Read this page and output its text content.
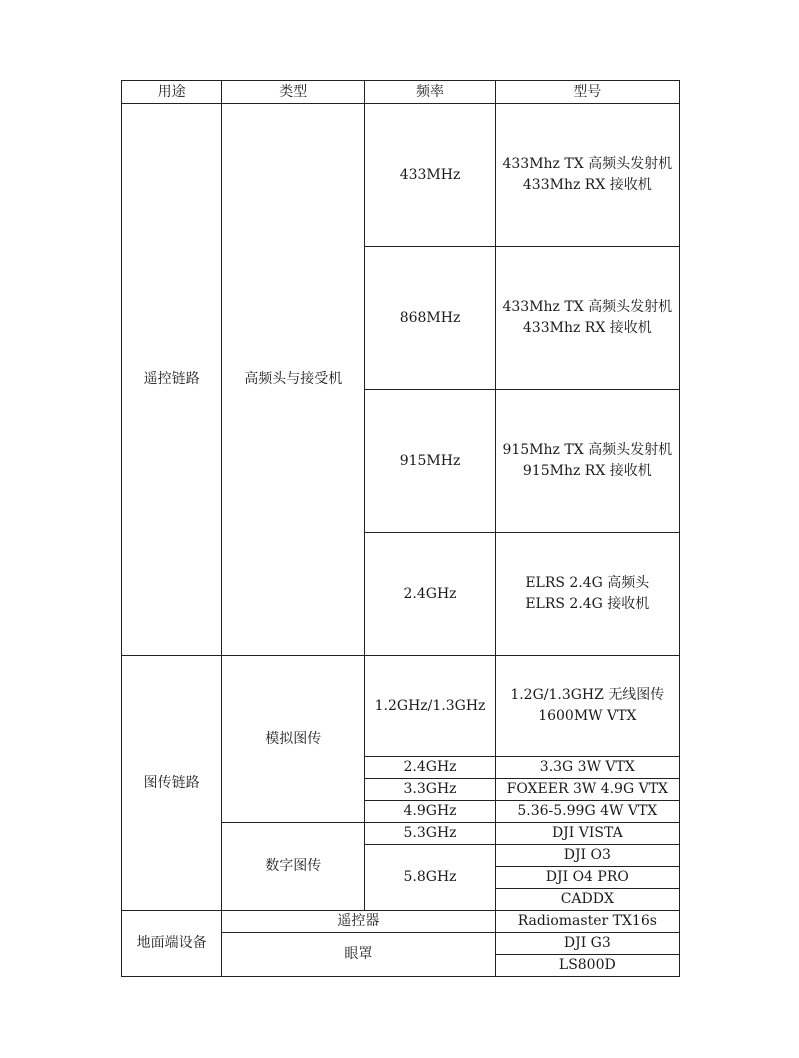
用途	类型	频率	型号
遥控链路	高频头与接受机	433MHz	433Mhz TX 高频头发射机
433Mhz RX 接收机

		868MHz	433Mhz TX 高频头发射机
433Mhz RX 接收机

		915MHz	915Mhz TX 高频头发射机
915Mhz RX 接收机

		2.4GHz	ELRS 2.4G 高频头
ELRS 2.4G 接收机

图传链路	模拟图传	1.2GHz/1.3GHz	1.2G/1.3GHZ 无线图传
1600MW VTX

		2.4GHz	3.3G 3W VTX
		3.3GHz	FOXEER 3W 4.9G VTX
		4.9GHz	5.36-5.99G 4W VTX
	数字图传	5.3GHz	DJI VISTA
		5.8GHz	DJI O3
			DJI O4 PRO
			CADDX
地面端设备	遥控器		Radiomaster TX16s
	眼罩		DJI G3
			LS800D
